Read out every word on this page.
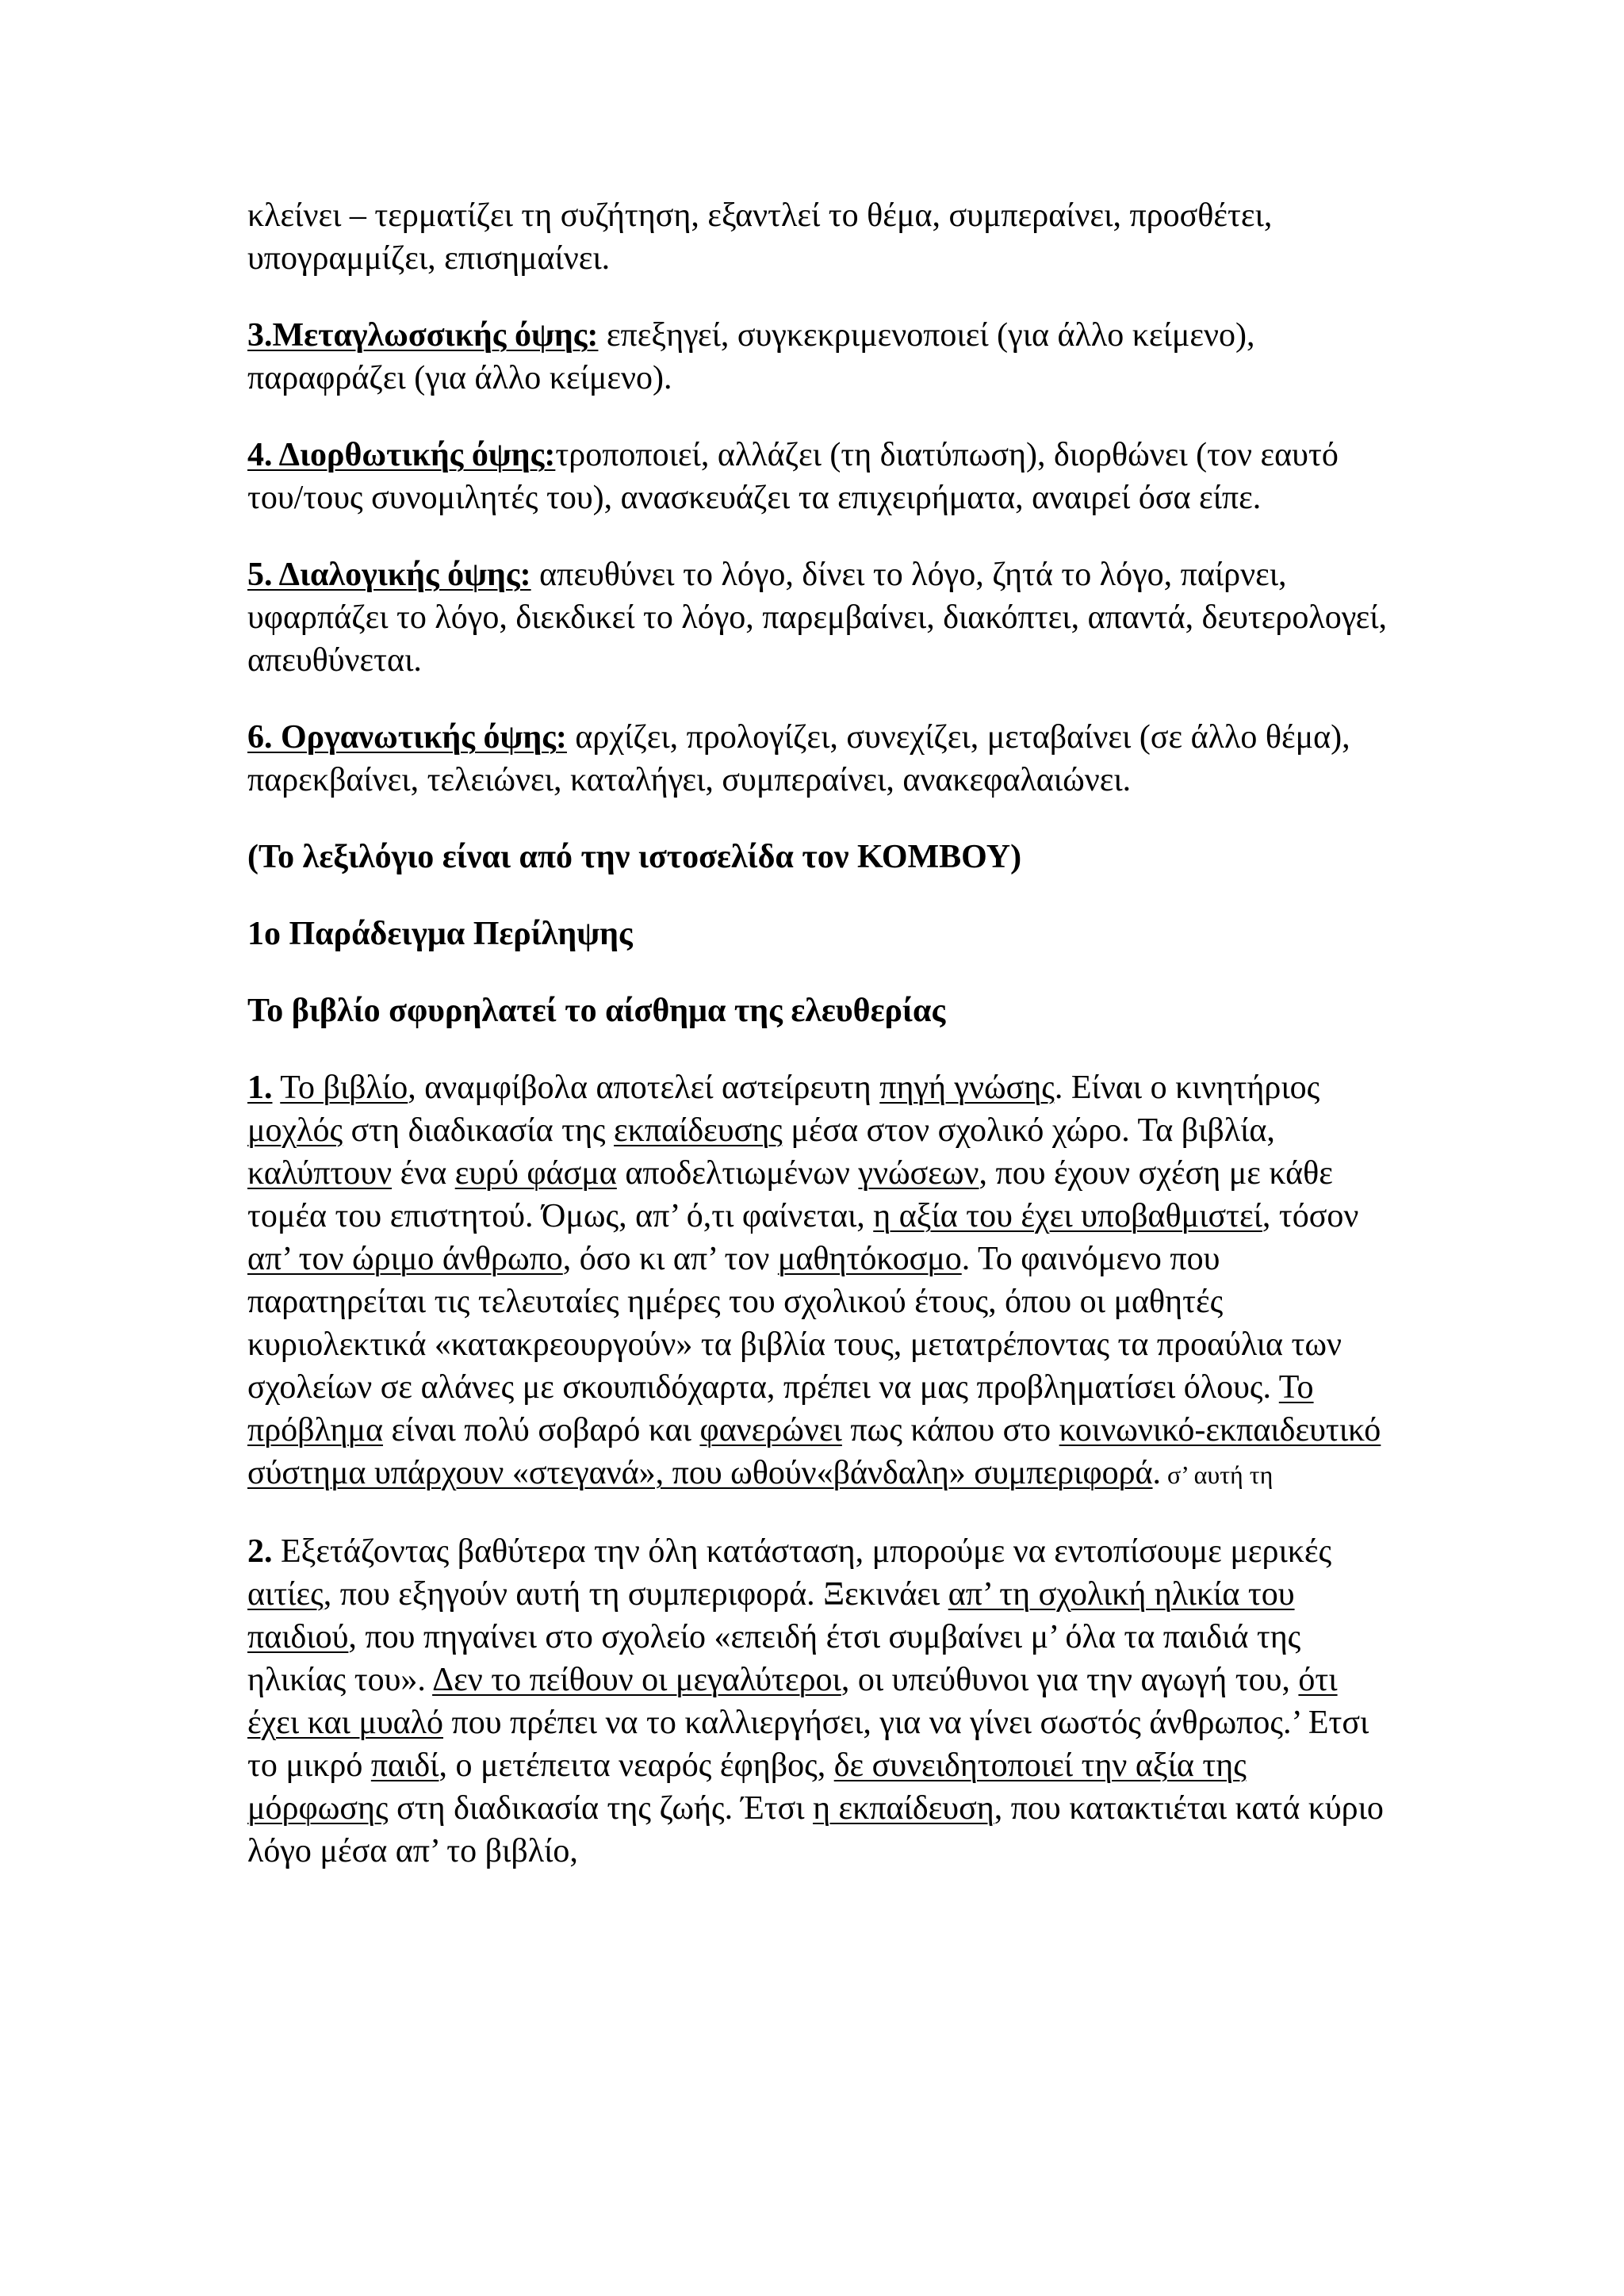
κλείνει – τερματίζει τη συζήτηση, εξαντλεί το θέμα, συμπεραίνει, προσθέτει, υπογραμμίζει, επισημαίνει.

3.Μεταγλωσσικής όψης: επεξηγεί, συγκεκριμενοποιεί (για άλλο κείμενο), παραφράζει (για άλλο κείμενο).

4. Διορθωτικής όψης:τροποποιεί, αλλάζει (τη διατύπωση), διορθώνει (τον εαυτό του/τους συνομιλητές του), ανασκευάζει τα επιχειρήματα, αναιρεί όσα είπε.

5. Διαλογικής όψης: απευθύνει το λόγο, δίνει το λόγο, ζητά το λόγο, παίρνει, υφαρπάζει το λόγο, διεκδικεί το λόγο, παρεμβαίνει, διακόπτει, απαντά, δευτερολογεί, απευθύνεται.

6. Οργανωτικής όψης: αρχίζει, προλογίζει, συνεχίζει, μεταβαίνει (σε άλλο θέμα), παρεκβαίνει, τελειώνει, καταλήγει, συμπεραίνει, ανακεφαλαιώνει.

(Το λεξιλόγιο είναι από την ιστοσελίδα τον ΚΟΜΒΟΥ)

1ο Παράδειγμα Περίληψης

Το βιβλίο σφυρηλατεί το αίσθημα της ελευθερίας

1. Το βιβλίο, αναμφίβολα αποτελεί αστείρευτη πηγή γνώσης. Είναι ο κινητήριος μοχλός στη διαδικασία της εκπαίδευσης μέσα στον σχολικό χώρο. Τα βιβλία, καλύπτουν ένα ευρύ φάσμα αποδελτιωμένων γνώσεων, που έχουν σχέση με κάθε τομέα του επιστητού. Όμως, απ’ ό,τι φαίνεται, η αξία του έχει υποβαθμιστεί, τόσον απ’ τον ώριμο άνθρωπο, όσο κι απ’ τον μαθητόκοσμο. Το φαινόμενο που παρατηρείται τις τελευταίες ημέρες του σχολικού έτους, όπου οι μαθητές κυριολεκτικά «κατακρεουργούν» τα βιβλία τους, μετατρέποντας τα προαύλια των σχολείων σε αλάνες με σκουπιδόχαρτα, πρέπει να μας προβληματίσει όλους. Το πρόβλημα είναι πολύ σοβαρό και φανερώνει πως κάπου στο κοινωνικό-εκπαιδευτικό σύστημα υπάρχουν «στεγανά», που ωθούν«βάνδαλη» συμπεριφορά. σ’ αυτή τη

2. Εξετάζοντας βαθύτερα την όλη κατάσταση, μπορούμε να εντοπίσουμε μερικές αιτίες, που εξηγούν αυτή τη συμπεριφορά. Ξεκινάει απ’ τη σχολική ηλικία του παιδιού, που πηγαίνει στο σχολείο «επειδή έτσι συμβαίνει μ’ όλα τα παιδιά της ηλικίας του». Δεν το πείθουν οι μεγαλύτεροι, οι υπεύθυνοι για την αγωγή του, ότι έχει και μυαλό που πρέπει να το καλλιεργήσει, για να γίνει σωστός άνθρωπος.’ Ετσι το μικρό παιδί, ο μετέπειτα νεαρός έφηβος, δε συνειδητοποιεί την αξία της μόρφωσης στη διαδικασία της ζωής. Έτσι η εκπαίδευση, που κατακτιέται κατά κύριο λόγο μέσα απ’ το βιβλίο,
